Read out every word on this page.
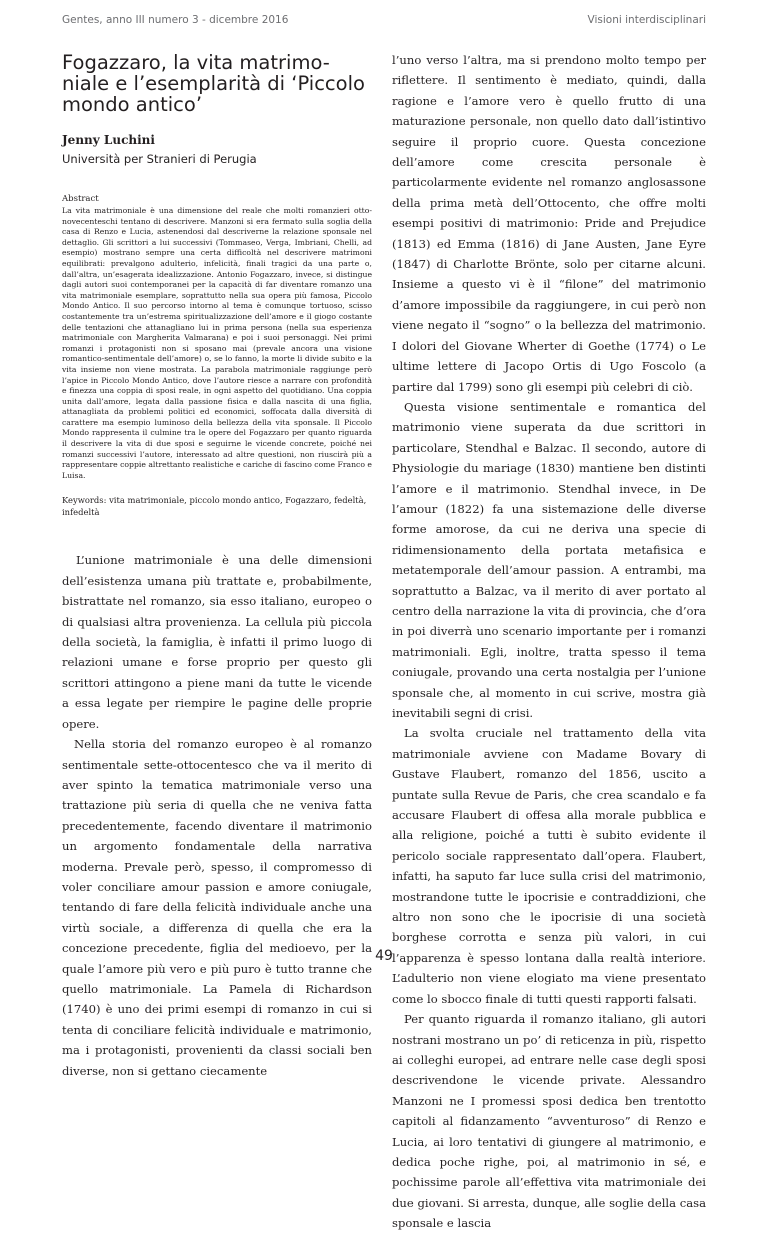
Gentes, anno III numero 3 - dicembre 2016	Visioni interdisciplinari
Fogazzaro, la vita matrimo-niale e l’esemplarità di ‘Piccolo mondo antico’

Jenny Luchini

Università per Stranieri di Perugia

Abstract

La vita matrimoniale è una dimensione del reale che molti romanzieri otto-novecenteschi tentano di descrivere. Manzoni si era fermato sulla soglia della casa di Renzo e Lucia, astenendosi dal descriverne la relazione sponsale nel dettaglio. Gli scrittori a lui successivi (Tommaseo, Verga, Imbriani, Chelli, ad esempio) mostrano sempre una certa difficoltà nel descrivere matrimoni equilibrati: prevalgono adulterio, infelicità, finali tragici da una parte o, dall’altra, un’esagerata idealizzazione. Antonio Fogazzaro, invece, si distingue dagli autori suoi contemporanei per la capacità di far diventare romanzo una vita matrimoniale esemplare, soprattutto nella sua opera più famosa, Piccolo Mondo Antico. Il suo percorso intorno al tema è comunque tortuoso, scisso costantemente tra un’estrema spiritualizzazione dell’amore e il giogo costante delle tentazioni che attanagliano lui in prima persona (nella sua esperienza matrimoniale con Margherita Valmarana) e poi i suoi personaggi. Nei primi romanzi i protagonisti non si sposano mai (prevale ancora una visione romantico-sentimentale dell’amore) o, se lo fanno, la morte li divide subito e la vita insieme non viene mostrata. La parabola matrimoniale raggiunge però l’apice in Piccolo Mondo Antico, dove l’autore riesce a narrare con profondità e finezza una coppia di sposi reale, in ogni aspetto del quotidiano. Una coppia unita dall’amore, legata dalla passione fisica e dalla nascita di una figlia, attanagliata da problemi politici ed economici, soffocata dalla diversità di carattere ma esempio luminoso della bellezza della vita sponsale. Il Piccolo Mondo rappresenta il culmine tra le opere del Fogazzaro per quanto riguarda il descrivere la vita di due sposi e seguirne le vicende concrete, poiché nei romanzi successivi l’autore, interessato ad altre questioni, non riuscirà più a rappresentare coppie altrettanto realistiche e cariche di fascino come Franco e Luisa.

Keywords: vita matrimoniale, piccolo mondo antico, Fogazzaro, fedeltà, infedeltà

L’unione matrimoniale è una delle dimensioni dell’esistenza umana più trattate e, probabilmente, bistrattate nel romanzo, sia esso italiano, europeo o di qualsiasi altra provenienza. La cellula più piccola della società, la famiglia, è infatti il primo luogo di relazioni umane e forse proprio per questo gli scrittori attingono a piene mani da tutte le vicende a essa legate per riempire le pagine delle proprie opere.

Nella storia del romanzo europeo è al romanzo sentimentale sette-ottocentesco che va il merito di aver spinto la tematica matrimoniale verso una trattazione più seria di quella che ne veniva fatta precedentemente, facendo diventare il matrimonio un argomento fondamentale della narrativa moderna. Prevale però, spesso, il compromesso di voler conciliare amour passion e amore coniugale, tentando di fare della felicità individuale anche una virtù sociale, a differenza di quella che era la concezione precedente, figlia del medioevo, per la quale l’amore più vero e più puro è tutto tranne che quello matrimoniale. La Pamela di Richardson (1740) è uno dei primi esempi di romanzo in cui si tenta di conciliare felicità individuale e matrimonio, ma i protagonisti, provenienti da classi sociali ben diverse, non si gettano ciecamente

l’uno verso l’altra, ma si prendono molto tempo per riflettere. Il sentimento è mediato, quindi, dalla ragione e l’amore vero è quello frutto di una maturazione personale, non quello dato dall’istintivo seguire il proprio cuore. Questa concezione dell’amore come crescita personale è particolarmente evidente nel romanzo anglosassone della prima metà dell’Ottocento, che offre molti esempi positivi di matrimonio: Pride and Prejudice (1813) ed Emma (1816) di Jane Austen, Jane Eyre (1847) di Charlotte Brönte, solo per citarne alcuni. Insieme a questo vi è il “filone” del matrimonio d’amore impossibile da raggiungere, in cui però non viene negato il “sogno” o la bellezza del matrimonio. I dolori del Giovane Wherter di Goethe (1774) o Le ultime lettere di Jacopo Ortis di Ugo Foscolo (a partire dal 1799) sono gli esempi più celebri di ciò.

Questa visione sentimentale e romantica del matrimonio viene superata da due scrittori in particolare, Stendhal e Balzac. Il secondo, autore di Physiologie du mariage (1830) mantiene ben distinti l’amore e il matrimonio. Stendhal invece, in De l’amour (1822) fa una sistemazione delle diverse forme amorose, da cui ne deriva una specie di ridimensionamento della portata metafisica e metatemporale dell’amour passion. A entrambi, ma soprattutto a Balzac, va il merito di aver portato al centro della narrazione la vita di provincia, che d’ora in poi diverrà uno scenario importante per i romanzi matrimoniali. Egli, inoltre, tratta spesso il tema coniugale, provando una certa nostalgia per l’unione sponsale che, al momento in cui scrive, mostra già inevitabili segni di crisi.

La svolta cruciale nel trattamento della vita matrimoniale avviene con Madame Bovary di Gustave Flaubert, romanzo del 1856, uscito a puntate sulla Revue de Paris, che crea scandalo e fa accusare Flaubert di offesa alla morale pubblica e alla religione, poiché a tutti è subito evidente il pericolo sociale rappresentato dall’opera. Flaubert, infatti, ha saputo far luce sulla crisi del matrimonio, mostrandone tutte le ipocrisie e contraddizioni, che altro non sono che le ipocrisie di una società borghese corrotta e senza più valori, in cui l’apparenza è spesso lontana dalla realtà interiore. L’adulterio non viene elogiato ma viene presentato come lo sbocco finale di tutti questi rapporti falsati.

Per quanto riguarda il romanzo italiano, gli autori nostrani mostrano un po’ di reticenza in più, rispetto ai colleghi europei, ad entrare nelle case degli sposi descrivendone le vicende private. Alessandro Manzoni ne I promessi sposi dedica ben trentotto capitoli al fidanzamento “avventuroso” di Renzo e Lucia, ai loro tentativi di giungere al matrimonio, e dedica poche righe, poi, al matrimonio in sé, e pochissime parole all’effettiva vita matrimoniale dei due giovani. Si arresta, dunque, alle soglie della casa sponsale e lascia

49
